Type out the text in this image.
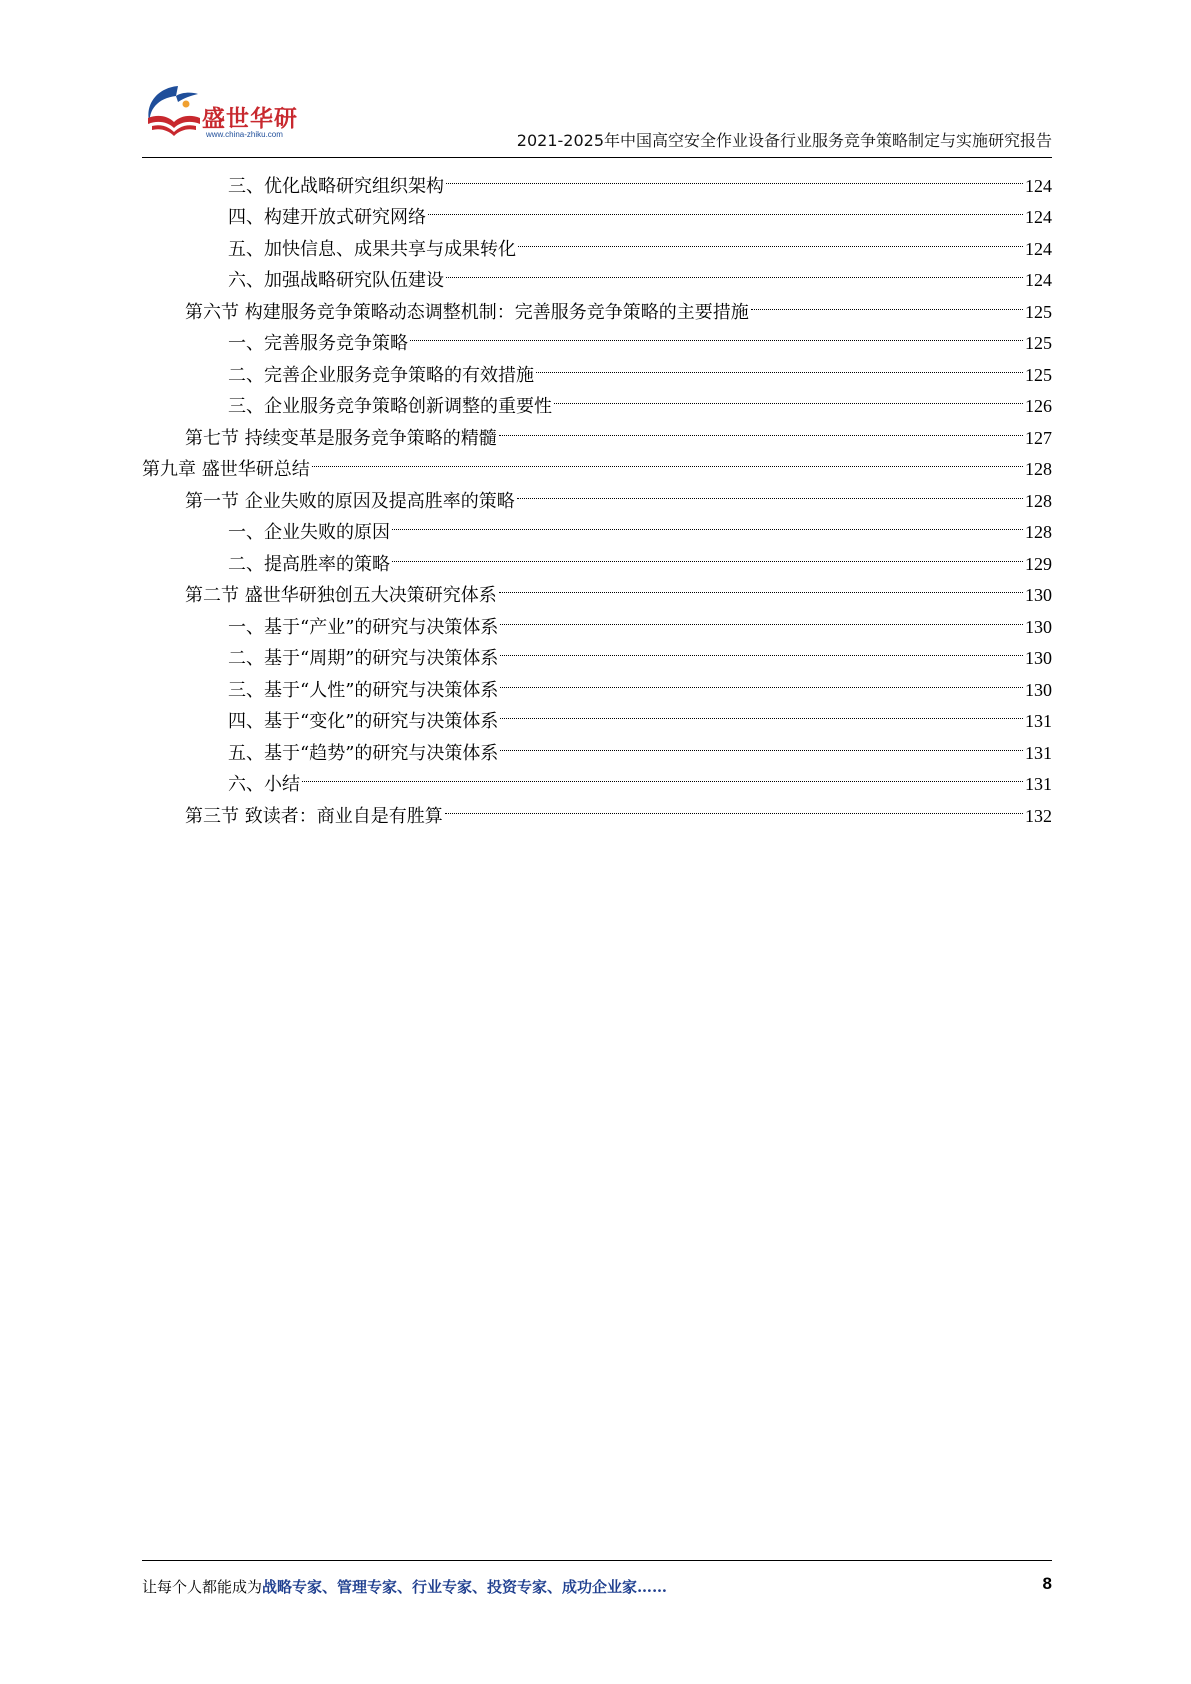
盛世华研
www.china-zhiku.com	2021-2025年中国高空安全作业设备行业服务竞争策略制定与实施研究报告
三、优化战略研究组织架构	124
四、构建开放式研究网络	124
五、加快信息、成果共享与成果转化	124
六、加强战略研究队伍建设	124
第六节 构建服务竞争策略动态调整机制：完善服务竞争策略的主要措施	125
一、完善服务竞争策略	125
二、完善企业服务竞争策略的有效措施	125
三、企业服务竞争策略创新调整的重要性	126
第七节 持续变革是服务竞争策略的精髓	127
第九章 盛世华研总结	128
第一节 企业失败的原因及提高胜率的策略	128
一、企业失败的原因	128
二、提高胜率的策略	129
第二节 盛世华研独创五大决策研究体系	130
一、基于“产业”的研究与决策体系	130
二、基于“周期”的研究与决策体系	130
三、基于“人性”的研究与决策体系	130
四、基于“变化”的研究与决策体系	131
五、基于“趋势”的研究与决策体系	131
六、小结	131
第三节 致读者：商业自是有胜算	132
让每个人都能成为战略专家、管理专家、行业专家、投资专家、成功企业家……	8
